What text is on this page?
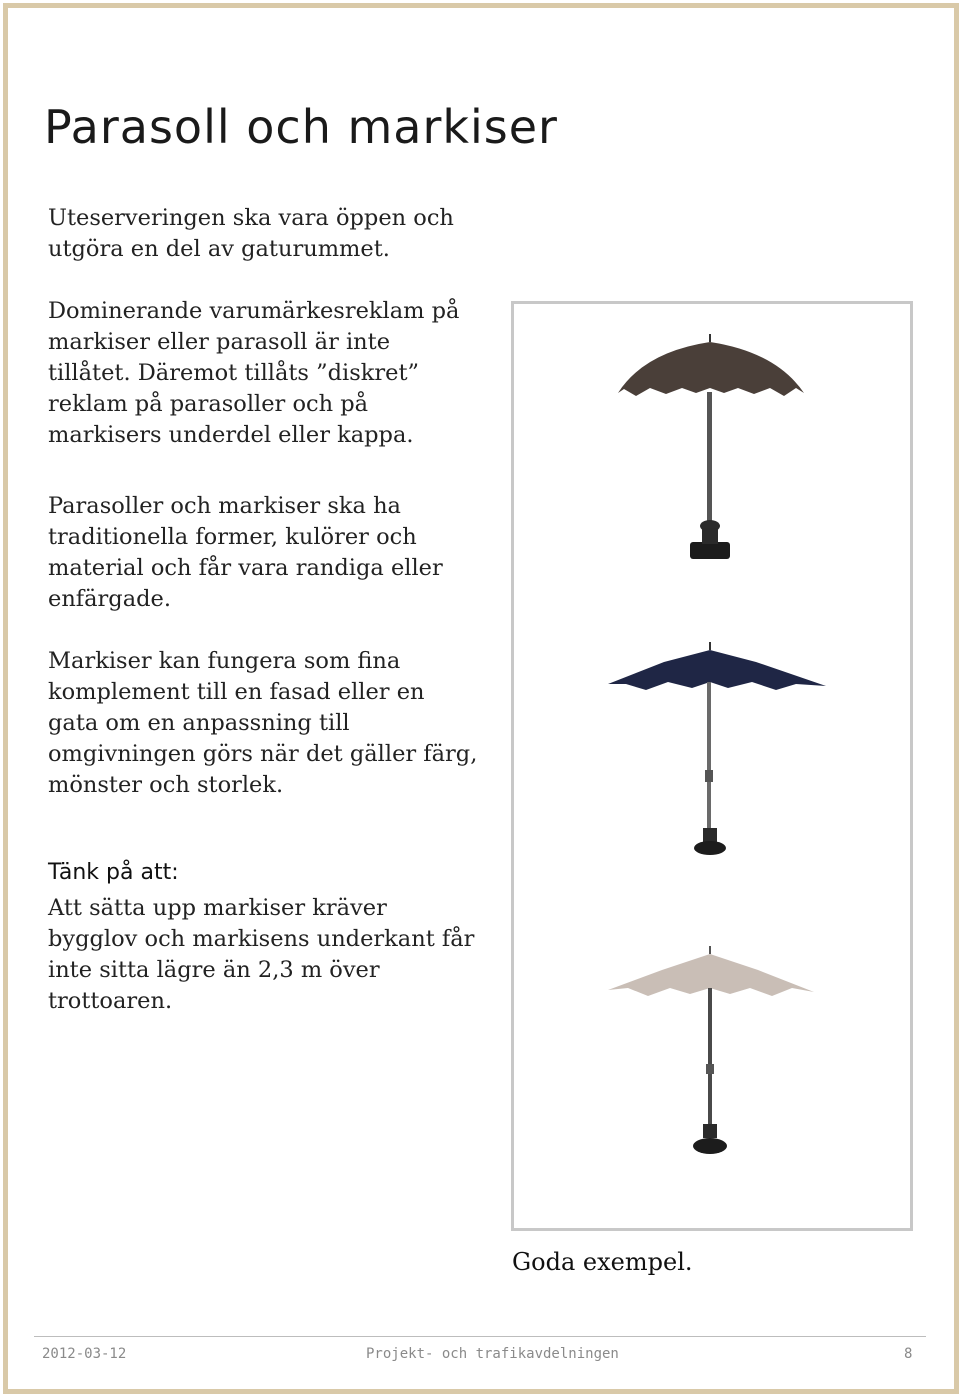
Parasoll och markiser
Uteserveringen ska vara öppen och utgöra en del av gaturummet.
Dominerande varumärkesreklam på markiser eller parasoll är inte tillåtet. Däremot tillåts ”diskret” reklam på parasoller och på markisers underdel eller kappa.
Parasoller och markiser ska ha traditionella former, kulörer och material och får vara randiga eller enfärgade.
Markiser kan fungera som fina komplement till en fasad eller en gata om en anpassning till omgivningen görs när det gäller färg, mönster och storlek.
Tänk på att:
Att sätta upp markiser kräver bygglov och markisens underkant får inte sitta lägre än 2,3 m över trottoaren.
Goda exempel.
2012-03-12	Projekt- och trafikavdelningen	8
